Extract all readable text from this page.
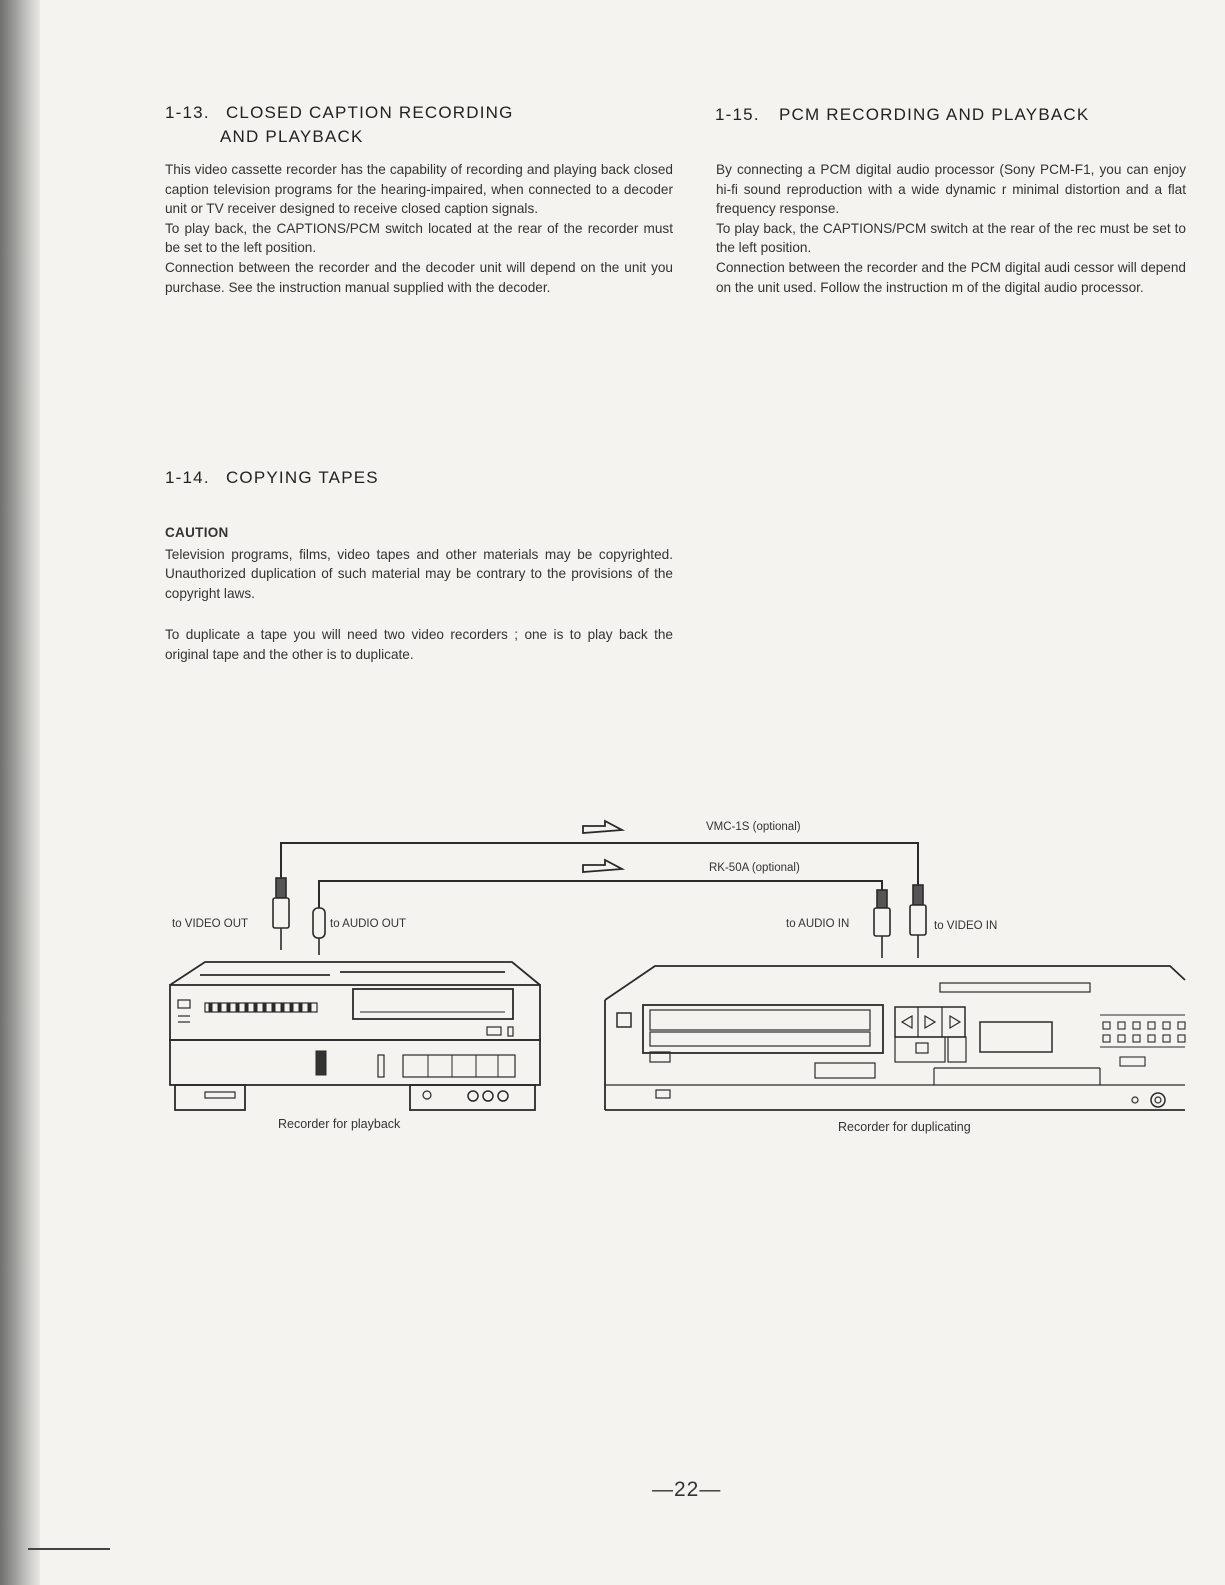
1-13. CLOSED CAPTION RECORDING
AND PLAYBACK

This video cassette recorder has the capability of recording and playing back closed caption television programs for the hearing-impaired, when connected to a decoder unit or TV receiver designed to receive closed caption signals.

To play back, the CAPTIONS/PCM switch located at the rear of the recorder must be set to the left position.

Connection between the recorder and the decoder unit will depend on the unit you purchase. See the instruction manual supplied with the decoder.

1-15. PCM RECORDING AND PLAYBACK

By connecting a PCM digital audio processor (Sony PCM-F1, you can enjoy hi-fi sound reproduction with a wide dynamic r minimal distortion and a flat frequency response.

To play back, the CAPTIONS/PCM switch at the rear of the rec must be set to the left position.

Connection between the recorder and the PCM digital audi cessor will depend on the unit used. Follow the instruction m of the digital audio processor.

1-14. COPYING TAPES
CAUTION

Television programs, films, video tapes and other materials may be copyrighted. Unauthorized duplication of such material may be contrary to the provisions of the copyright laws.

To duplicate a tape you will need two video recorders ; one is to play back the original tape and the other is to duplicate.

VMC-1S (optional)
RK-50A (optional)
to VIDEO OUT	to AUDIO OUT	to AUDIO IN	to VIDEO IN
Recorder for playback	Recorder for duplicating
—22—
